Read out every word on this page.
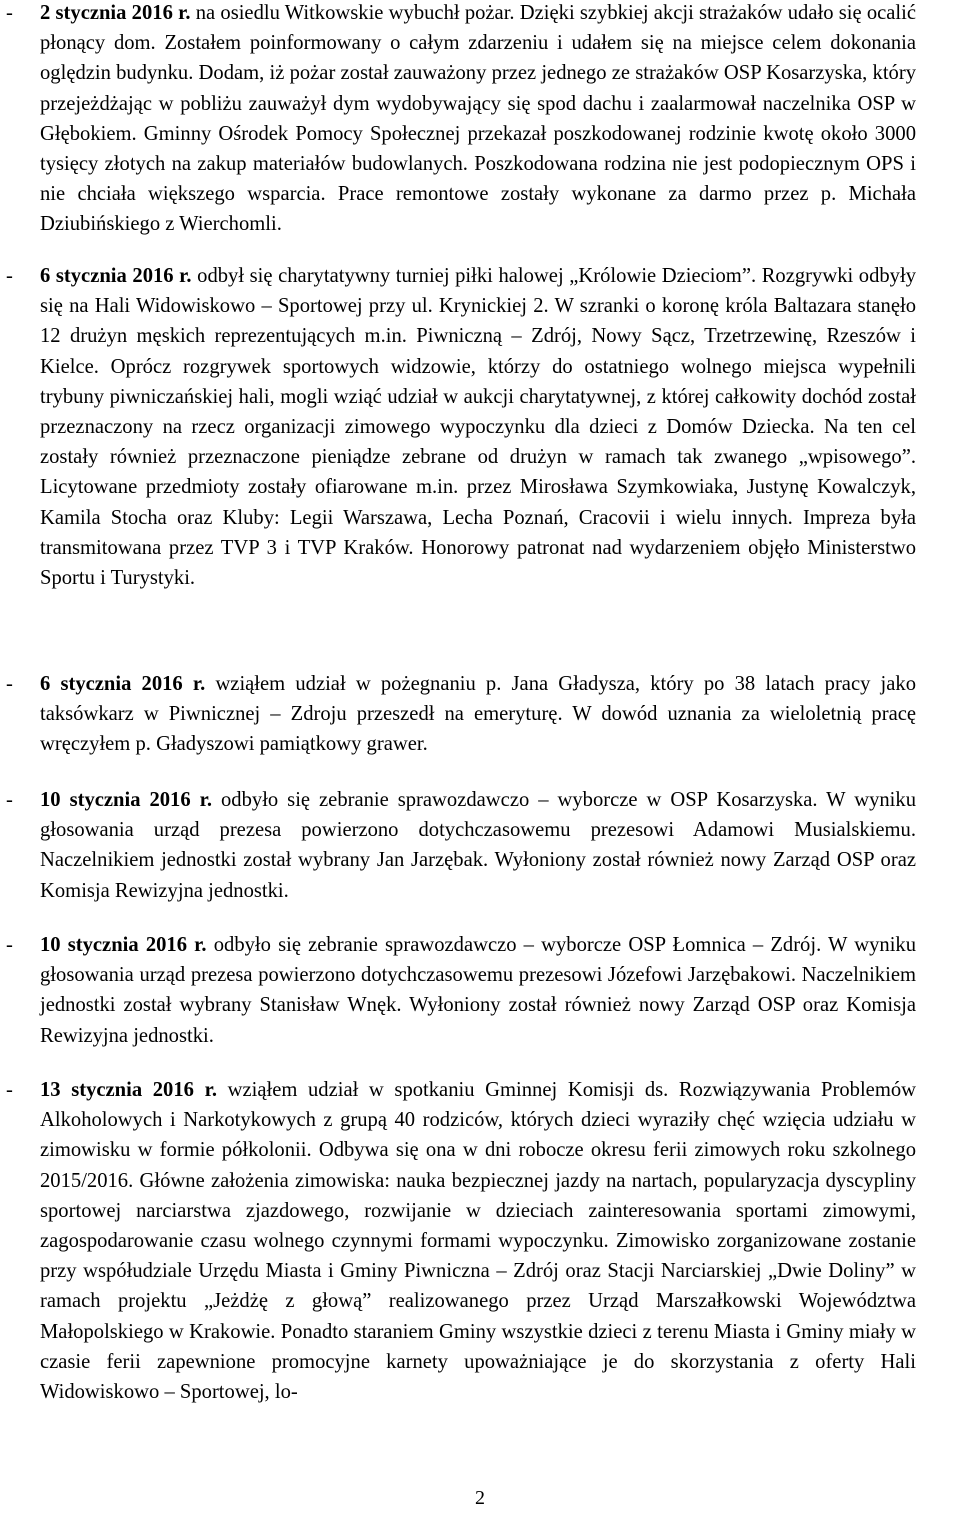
- 2 stycznia 2016 r. na osiedlu Witkowskie wybuchł pożar. Dzięki szybkiej akcji strażaków udało się ocalić płonący dom. Zostałem poinformowany o całym zdarzeniu i udałem się na miejsce celem dokonania oględzin budynku. Dodam, iż pożar został zauważony przez jednego ze strażaków OSP Kosarzyska, który przejeżdżając w pobliżu zauważył dym wydobywający się spod dachu i zaalarmował naczelnika OSP w Głębokiem. Gminny Ośrodek Pomocy Społecznej przekazał poszkodowanej rodzinie kwotę około 3000 tysięcy złotych na zakup materiałów budowlanych. Poszkodowana rodzina nie jest podopiecznym OPS i nie chciała większego wsparcia. Prace remontowe zostały wykonane za darmo przez p. Michała Dziubińskiego z Wierchomli.
- 6 stycznia 2016 r. odbył się charytatywny turniej piłki halowej „Królowie Dzieciom”. Rozgrywki odbyły się na Hali Widowiskowo – Sportowej przy ul. Krynickiej 2. W szranki o koronę króla Baltazara stanęło 12 drużyn męskich reprezentujących m.in. Piwniczną – Zdrój, Nowy Sącz, Trzetrzewinę, Rzeszów i Kielce. Oprócz rozgrywek sportowych widzowie, którzy do ostatniego wolnego miejsca wypełnili trybuny piwniczańskiej hali, mogli wziąć udział w aukcji charytatywnej, z której całkowity dochód został przeznaczony na rzecz organizacji zimowego wypoczynku dla dzieci z Domów Dziecka. Na ten cel zostały również przeznaczone pieniądze zebrane od drużyn w ramach tak zwanego „wpisowego”. Licytowane przedmioty zostały ofiarowane m.in. przez Mirosława Szymkowiaka, Justynę Kowalczyk, Kamila Stocha oraz Kluby: Legii Warszawa, Lecha Poznań, Cracovii i wielu innych. Impreza była transmitowana przez TVP 3 i TVP Kraków. Honorowy patronat nad wydarzeniem objęło Ministerstwo Sportu i Turystyki.
- 6 stycznia 2016 r. wziąłem udział w pożegnaniu p. Jana Gładysza, który po 38 latach pracy jako taksówkarz w Piwnicznej – Zdroju przeszedł na emeryturę. W dowód uznania za wieloletnią pracę wręczyłem p. Gładyszowi pamiątkowy grawer.
- 10 stycznia 2016 r. odbyło się zebranie sprawozdawczo – wyborcze w OSP Kosarzyska. W wyniku głosowania urząd prezesa powierzono dotychczasowemu prezesowi Adamowi Musialskiemu. Naczelnikiem jednostki został wybrany Jan Jarzębak. Wyłoniony został również nowy Zarząd OSP oraz Komisja Rewizyjna jednostki.
- 10 stycznia 2016 r. odbyło się zebranie sprawozdawczo – wyborcze OSP Łomnica – Zdrój. W wyniku głosowania urząd prezesa powierzono dotychczasowemu prezesowi Józefowi Jarzębakowi. Naczelnikiem jednostki został wybrany Stanisław Wnęk. Wyłoniony został również nowy Zarząd OSP oraz Komisja Rewizyjna jednostki.
- 13 stycznia 2016 r. wziąłem udział w spotkaniu Gminnej Komisji ds. Rozwiązywania Problemów Alkoholowych i Narkotykowych z grupą 40 rodziców, których dzieci wyraziły chęć wzięcia udziału w zimowisku w formie półkolonii. Odbywa się ona w dni robocze okresu ferii zimowych roku szkolnego 2015/2016. Główne założenia zimowiska: nauka bezpiecznej jazdy na nartach, popularyzacja dyscypliny sportowej narciarstwa zjazdowego, rozwijanie w dzieciach zainteresowania sportami zimowymi, zagospodarowanie czasu wolnego czynnymi formami wypoczynku. Zimowisko zorganizowane zostanie przy współudziale Urzędu Miasta i Gminy Piwniczna – Zdrój oraz Stacji Narciarskiej „Dwie Doliny” w ramach projektu „Jeżdżę z głową” realizowanego przez Urząd Marszałkowski Województwa Małopolskiego w Krakowie. Ponadto staraniem Gminy wszystkie dzieci z terenu Miasta i Gminy miały w czasie ferii zapewnione promocyjne karnety upoważniające je do skorzystania z oferty Hali Widowiskowo – Sportowej, lo-
2
